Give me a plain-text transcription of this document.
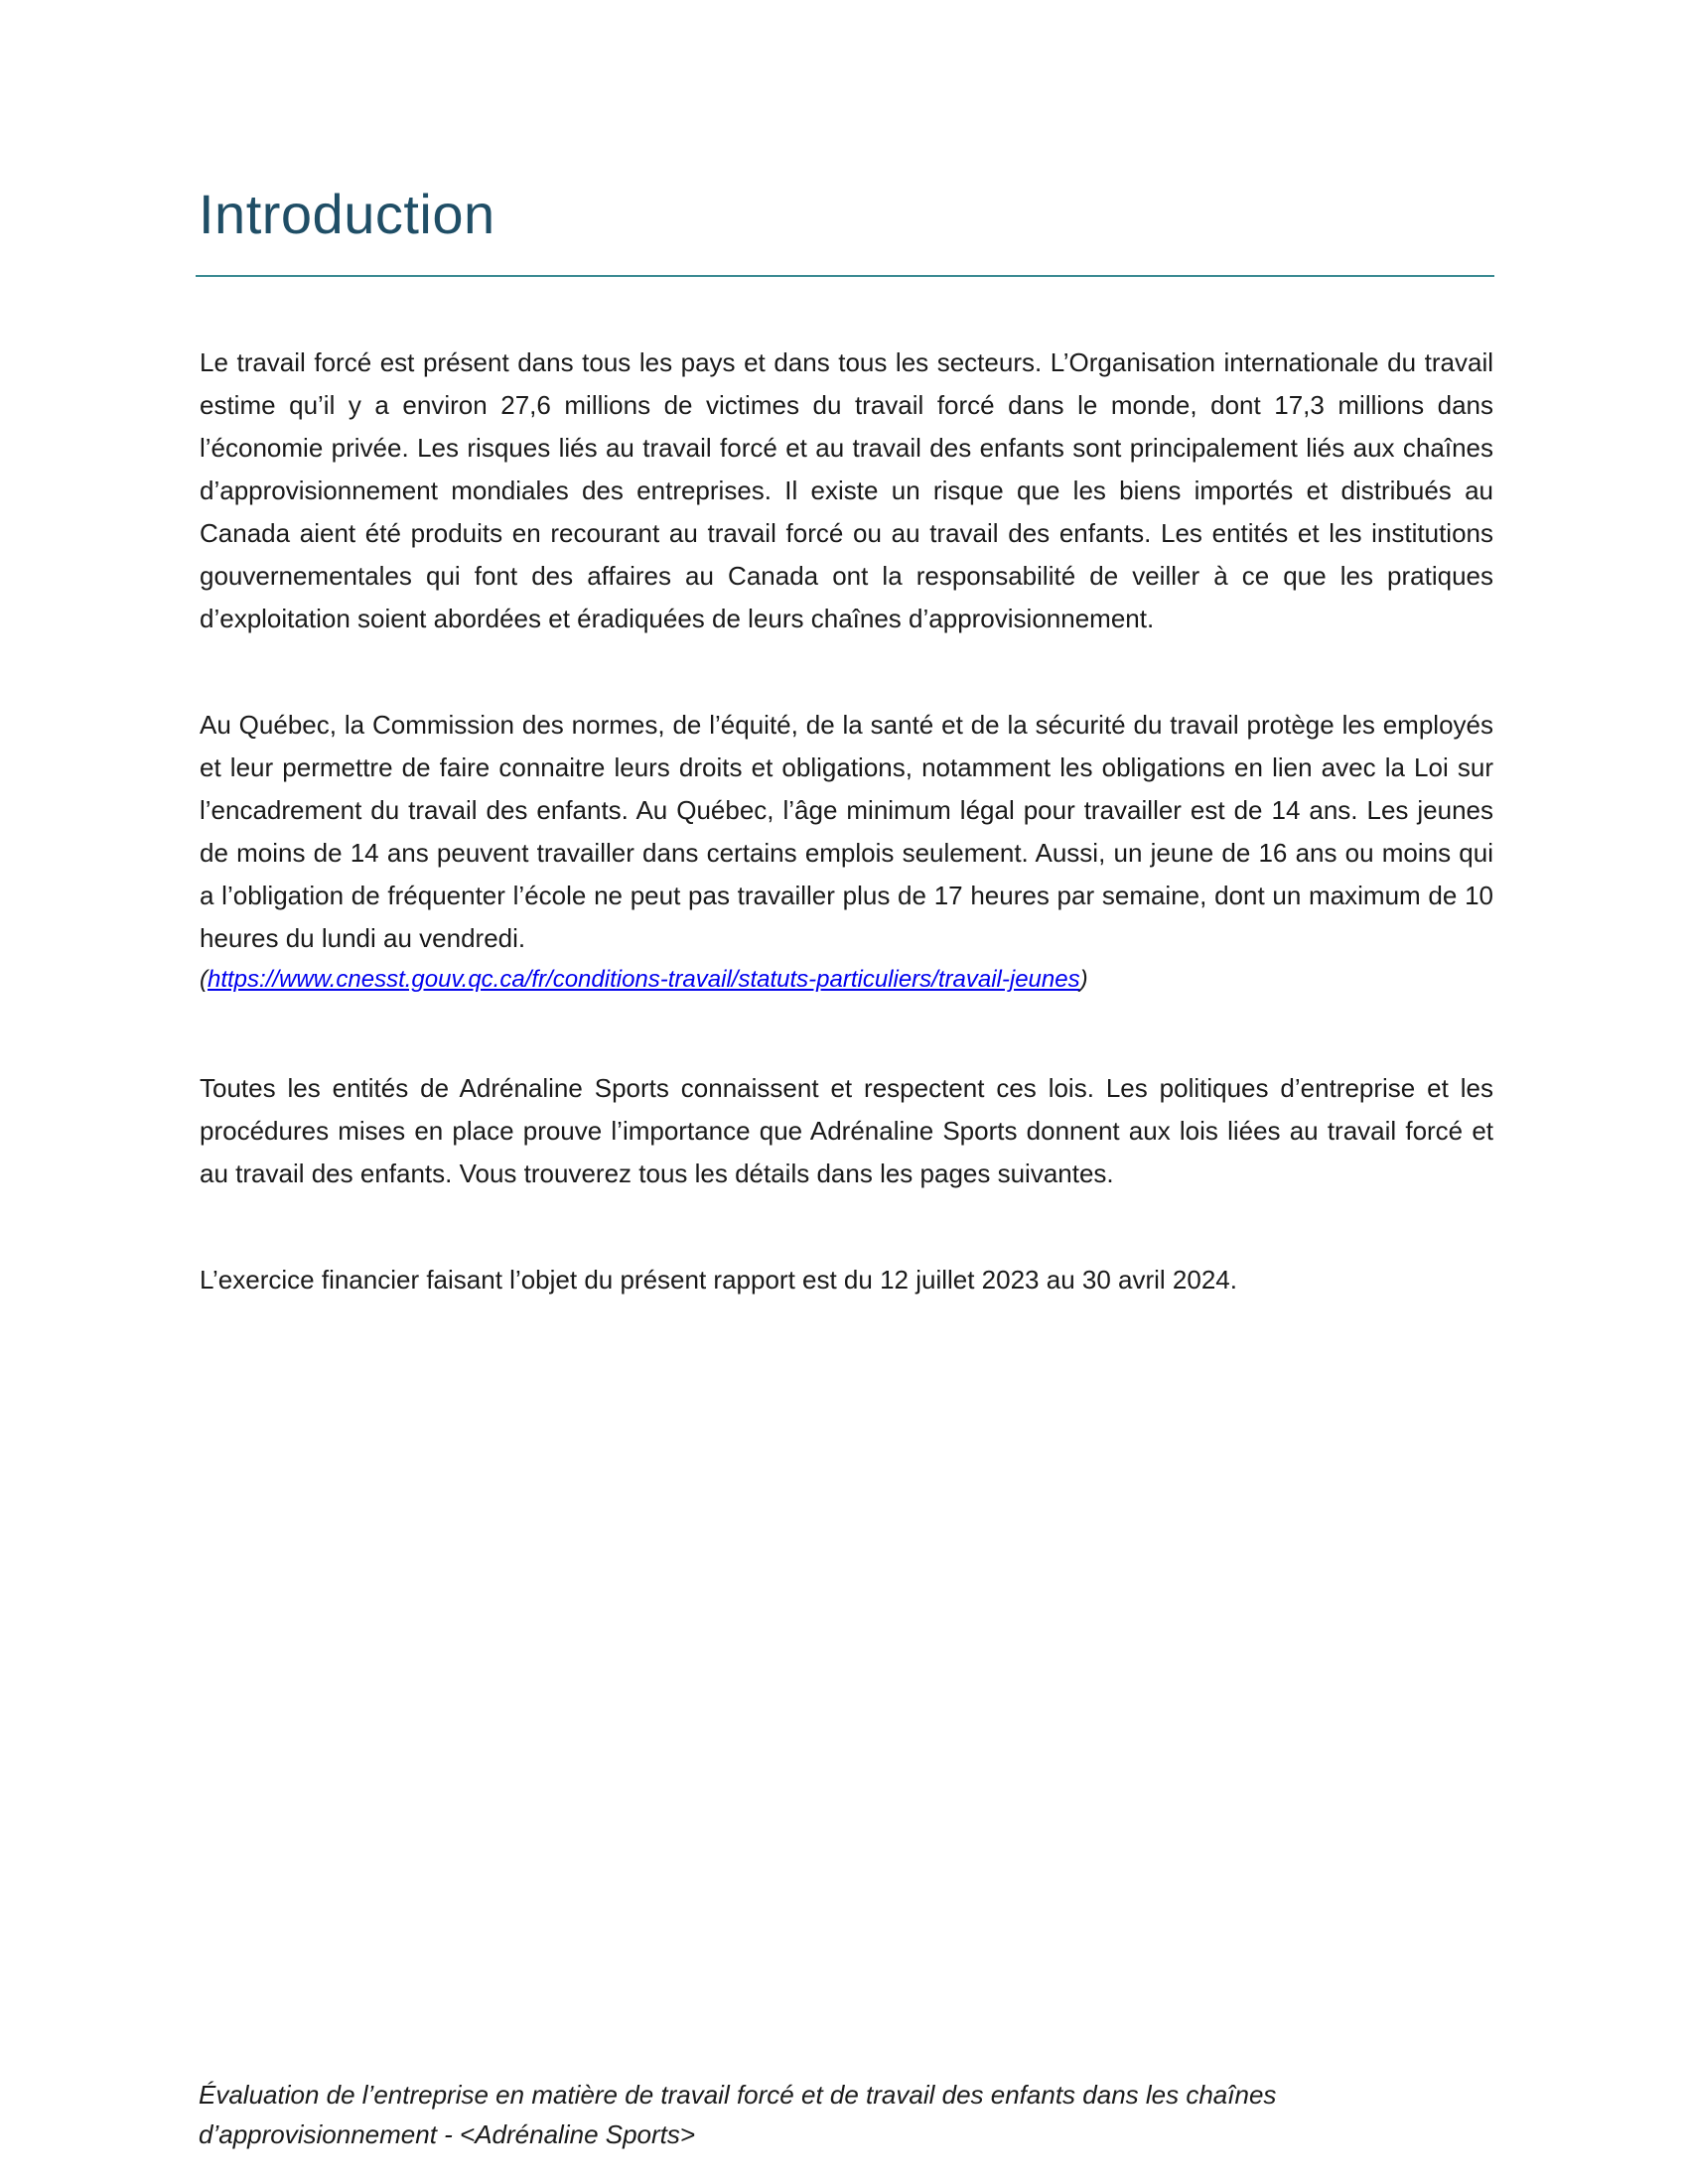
Introduction

Le travail forcé est présent dans tous les pays et dans tous les secteurs. L’Organisation internationale du travail estime qu’il y a environ 27,6 millions de victimes du travail forcé dans le monde, dont 17,3 millions dans l’économie privée. Les risques liés au travail forcé et au travail des enfants sont principalement liés aux chaînes d’approvisionnement mondiales des entreprises. Il existe un risque que les biens importés et distribués au Canada aient été produits en recourant au travail forcé ou au travail des enfants. Les entités et les institutions gouvernementales qui font des affaires au Canada ont la responsabilité de veiller à ce que les pratiques d’exploitation soient abordées et éradiquées de leurs chaînes d’approvisionnement.

Au Québec, la Commission des normes, de l’équité, de la santé et de la sécurité du travail protège les employés et leur permettre de faire connaitre leurs droits et obligations, notamment les obligations en lien avec la Loi sur l’encadrement du travail des enfants. Au Québec, l’âge minimum légal pour travailler est de 14 ans. Les jeunes de moins de 14 ans peuvent travailler dans certains emplois seulement. Aussi, un jeune de 16 ans ou moins qui a l’obligation de fréquenter l’école ne peut pas travailler plus de 17 heures par semaine, dont un maximum de 10 heures du lundi au vendredi.

(https://www.cnesst.gouv.qc.ca/fr/conditions-travail/statuts-particuliers/travail-jeunes)

Toutes les entités de Adrénaline Sports connaissent et respectent ces lois. Les politiques d’entreprise et les procédures mises en place prouve l’importance que Adrénaline Sports donnent aux lois liées au travail forcé et au travail des enfants. Vous trouverez tous les détails dans les pages suivantes.

L’exercice financier faisant l’objet du présent rapport est du 12 juillet 2023 au 30 avril 2024.

Évaluation de l’entreprise en matière de travail forcé et de travail des enfants dans les chaînes
d’approvisionnement - <Adrénaline Sports>
